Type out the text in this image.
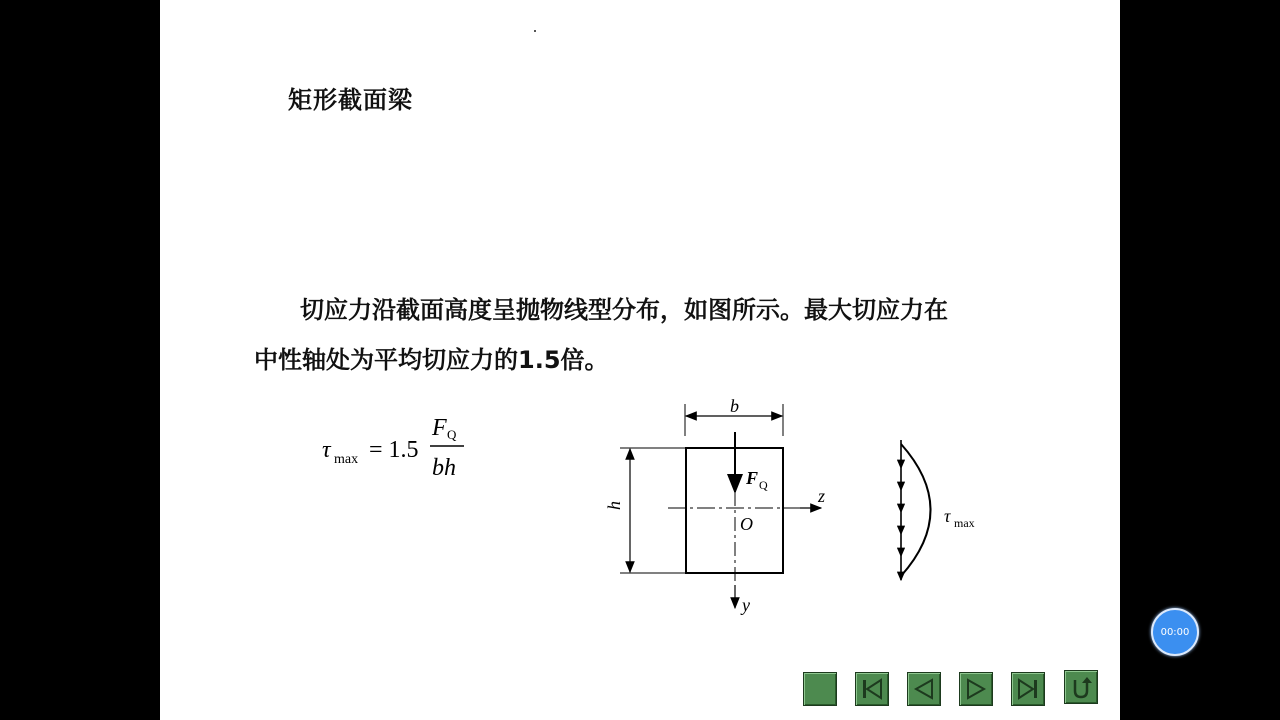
矩形截面梁
切应力沿截面高度呈抛物线型分布，如图所示。最大切应力在
中性轴处为平均切应力的1.5倍。
τ max = 1.5
F Q
bh
b
h
F Q
z
y
O	τ max
00:00
